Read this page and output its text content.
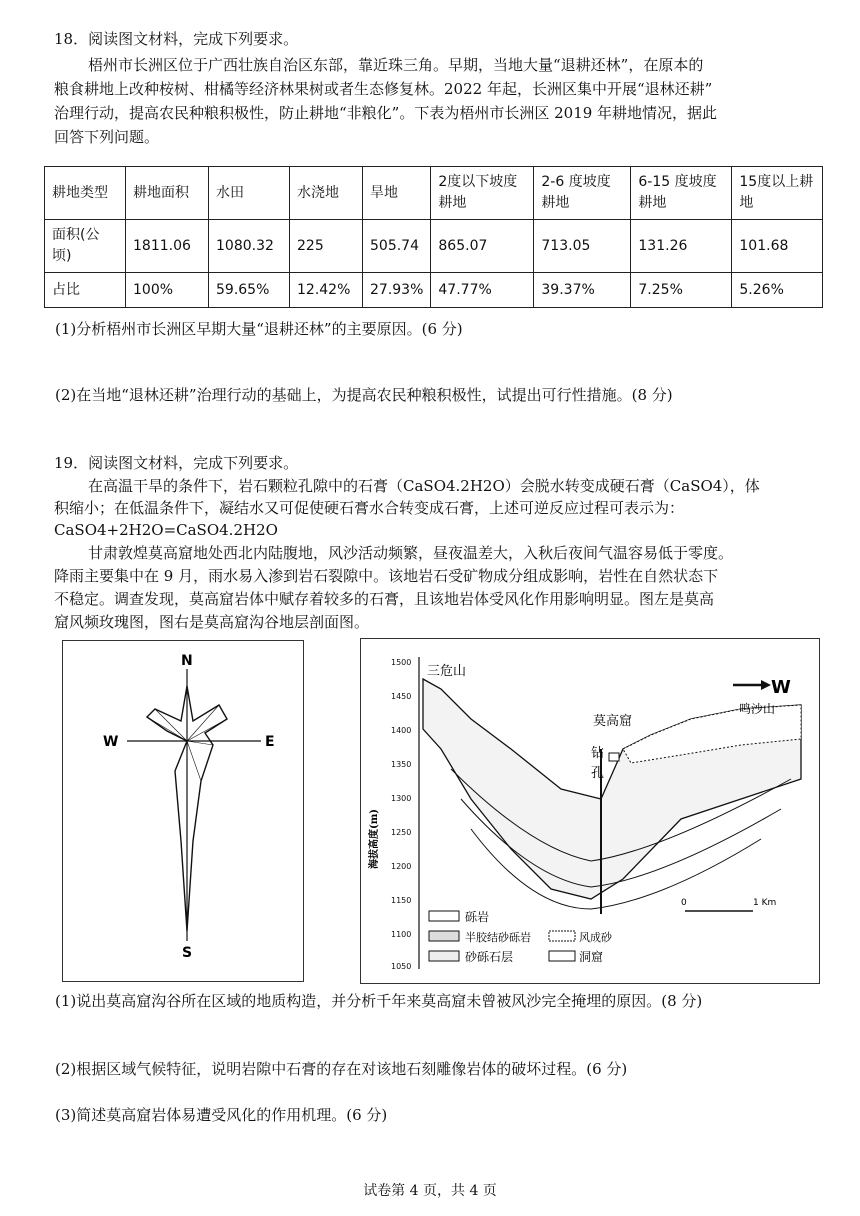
18．阅读图文材料，完成下列要求。
梧州市长洲区位于广西壮族自治区东部，靠近珠三角。早期，当地大量“退耕还林”，在原本的
粮食耕地上改种桉树、柑橘等经济林果树或者生态修复林。2022 年起，长洲区集中开展“退林还耕”
治理行动，提高农民种粮积极性，防止耕地“非粮化”。下表为梧州市长洲区 2019 年耕地情况，据此
回答下列问题。
耕地类型	耕地面积	水田	水浇地	旱地	2度以下坡度耕地	2-6 度坡度耕地	6-15 度坡度耕地	15度以上耕地
面积(公顷)	1811.06	1080.32	225	505.74	865.07	713.05	131.26	101.68
占比	100%	59.65%	12.42%	27.93%	47.77%	39.37%	7.25%	5.26%
(1)分析梧州市长洲区早期大量“退耕还林”的主要原因。(6 分)
(2)在当地“退林还耕”治理行动的基础上，为提高农民种粮积极性，试提出可行性措施。(8 分)
19．阅读图文材料，完成下列要求。
在高温干旱的条件下，岩石颗粒孔隙中的石膏（CaSO4.2H2O）会脱水转变成硬石膏（CaSO4），体
积缩小；在低温条件下，凝结水又可促使硬石膏水合转变成石膏，上述可逆反应过程可表示为：
CaSO4+2H2O=CaSO4.2H2O
甘肃敦煌莫高窟地处西北内陆腹地，风沙活动频繁，昼夜温差大，入秋后夜间气温容易低于零度。
降雨主要集中在 9 月，雨水易入渗到岩石裂隙中。该地岩石受矿物成分组成影响，岩性在自然状态下
不稳定。调查发现，莫高窟岩体中赋存着较多的石膏，且该地岩体受风化作用影响明显。图左是莫高
窟风频玫瑰图，图右是莫高窟沟谷地层剖面图。
N
S
E
W
1500
1450
1400
1350
1300
1250
1200
1150
1100
1050
海拔高度(m)
三危山
鸣沙山
W
莫高窟
钻
孔
0	1 Km
砾岩
半胶结砂砾岩	风成砂
砂砾石层	洞窟
(1)说出莫高窟沟谷所在区域的地质构造，并分析千年来莫高窟未曾被风沙完全掩埋的原因。(8 分)
(2)根据区域气候特征，说明岩隙中石膏的存在对该地石刻雕像岩体的破坏过程。(6 分)
(3)简述莫高窟岩体易遭受风化的作用机理。(6 分)
试卷第 4 页，共 4 页
